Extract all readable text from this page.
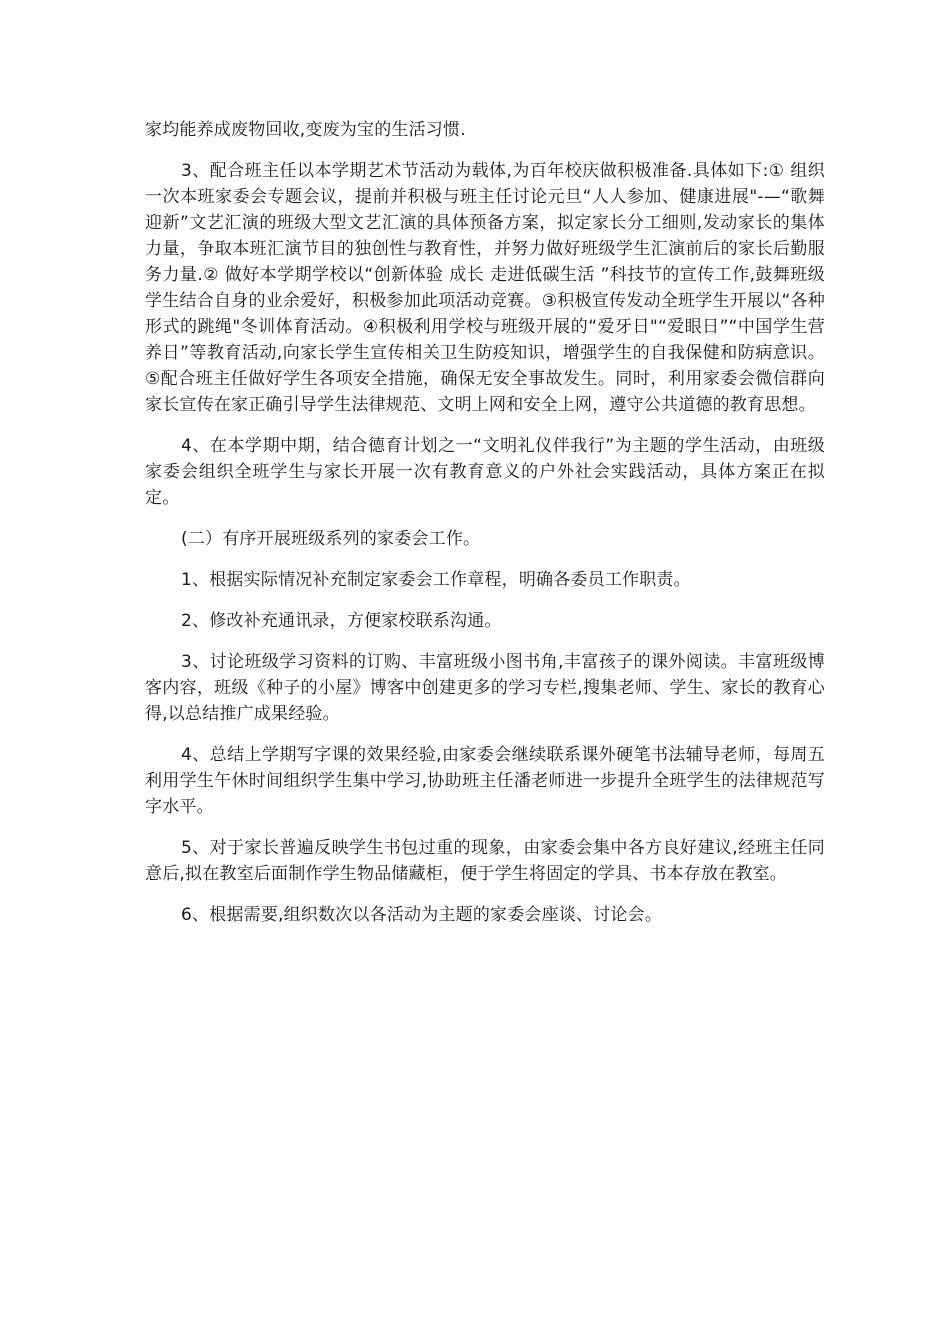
家均能养成废物回收,变废为宝的生活习惯.

3、配合班主任以本学期艺术节活动为载体,为百年校庆做积极准备.具体如下:① 组织一次本班家委会专题会议，提前并积极与班主任讨论元旦“人人参加、健康进展"-—“歌舞迎新”文艺汇演的班级大型文艺汇演的具体预备方案，拟定家长分工细则,发动家长的集体力量，争取本班汇演节目的独创性与教育性，并努力做好班级学生汇演前后的家长后勤服务力量.② 做好本学期学校以“创新体验 成长 走进低碳生活 ”科技节的宣传工作,鼓舞班级学生结合自身的业余爱好，积极参加此项活动竞赛。③积极宣传发动全班学生开展以“各种形式的跳绳"冬训体育活动。④积极利用学校与班级开展的“爱牙日"“爱眼日”“中国学生营养日”等教育活动,向家长学生宣传相关卫生防疫知识，增强学生的自我保健和防病意识。⑤配合班主任做好学生各项安全措施，确保无安全事故发生。同时，利用家委会微信群向家长宣传在家正确引导学生法律规范、文明上网和安全上网，遵守公共道德的教育思想。

4、在本学期中期，结合德育计划之一“文明礼仪伴我行”为主题的学生活动，由班级家委会组织全班学生与家长开展一次有教育意义的户外社会实践活动，具体方案正在拟定。

(二）有序开展班级系列的家委会工作。

1、根据实际情况补充制定家委会工作章程，明确各委员工作职责。

2、修改补充通讯录，方便家校联系沟通。

3、讨论班级学习资料的订购、丰富班级小图书角,丰富孩子的课外阅读。丰富班级博客内容，班级《种子的小屋》博客中创建更多的学习专栏,搜集老师、学生、家长的教育心得,以总结推广成果经验。

4、总结上学期写字课的效果经验,由家委会继续联系课外硬笔书法辅导老师，每周五利用学生午休时间组织学生集中学习,协助班主任潘老师进一步提升全班学生的法律规范写字水平。

5、对于家长普遍反映学生书包过重的现象，由家委会集中各方良好建议,经班主任同意后,拟在教室后面制作学生物品储藏柜，便于学生将固定的学具、书本存放在教室。

6、根据需要,组织数次以各活动为主题的家委会座谈、讨论会。
